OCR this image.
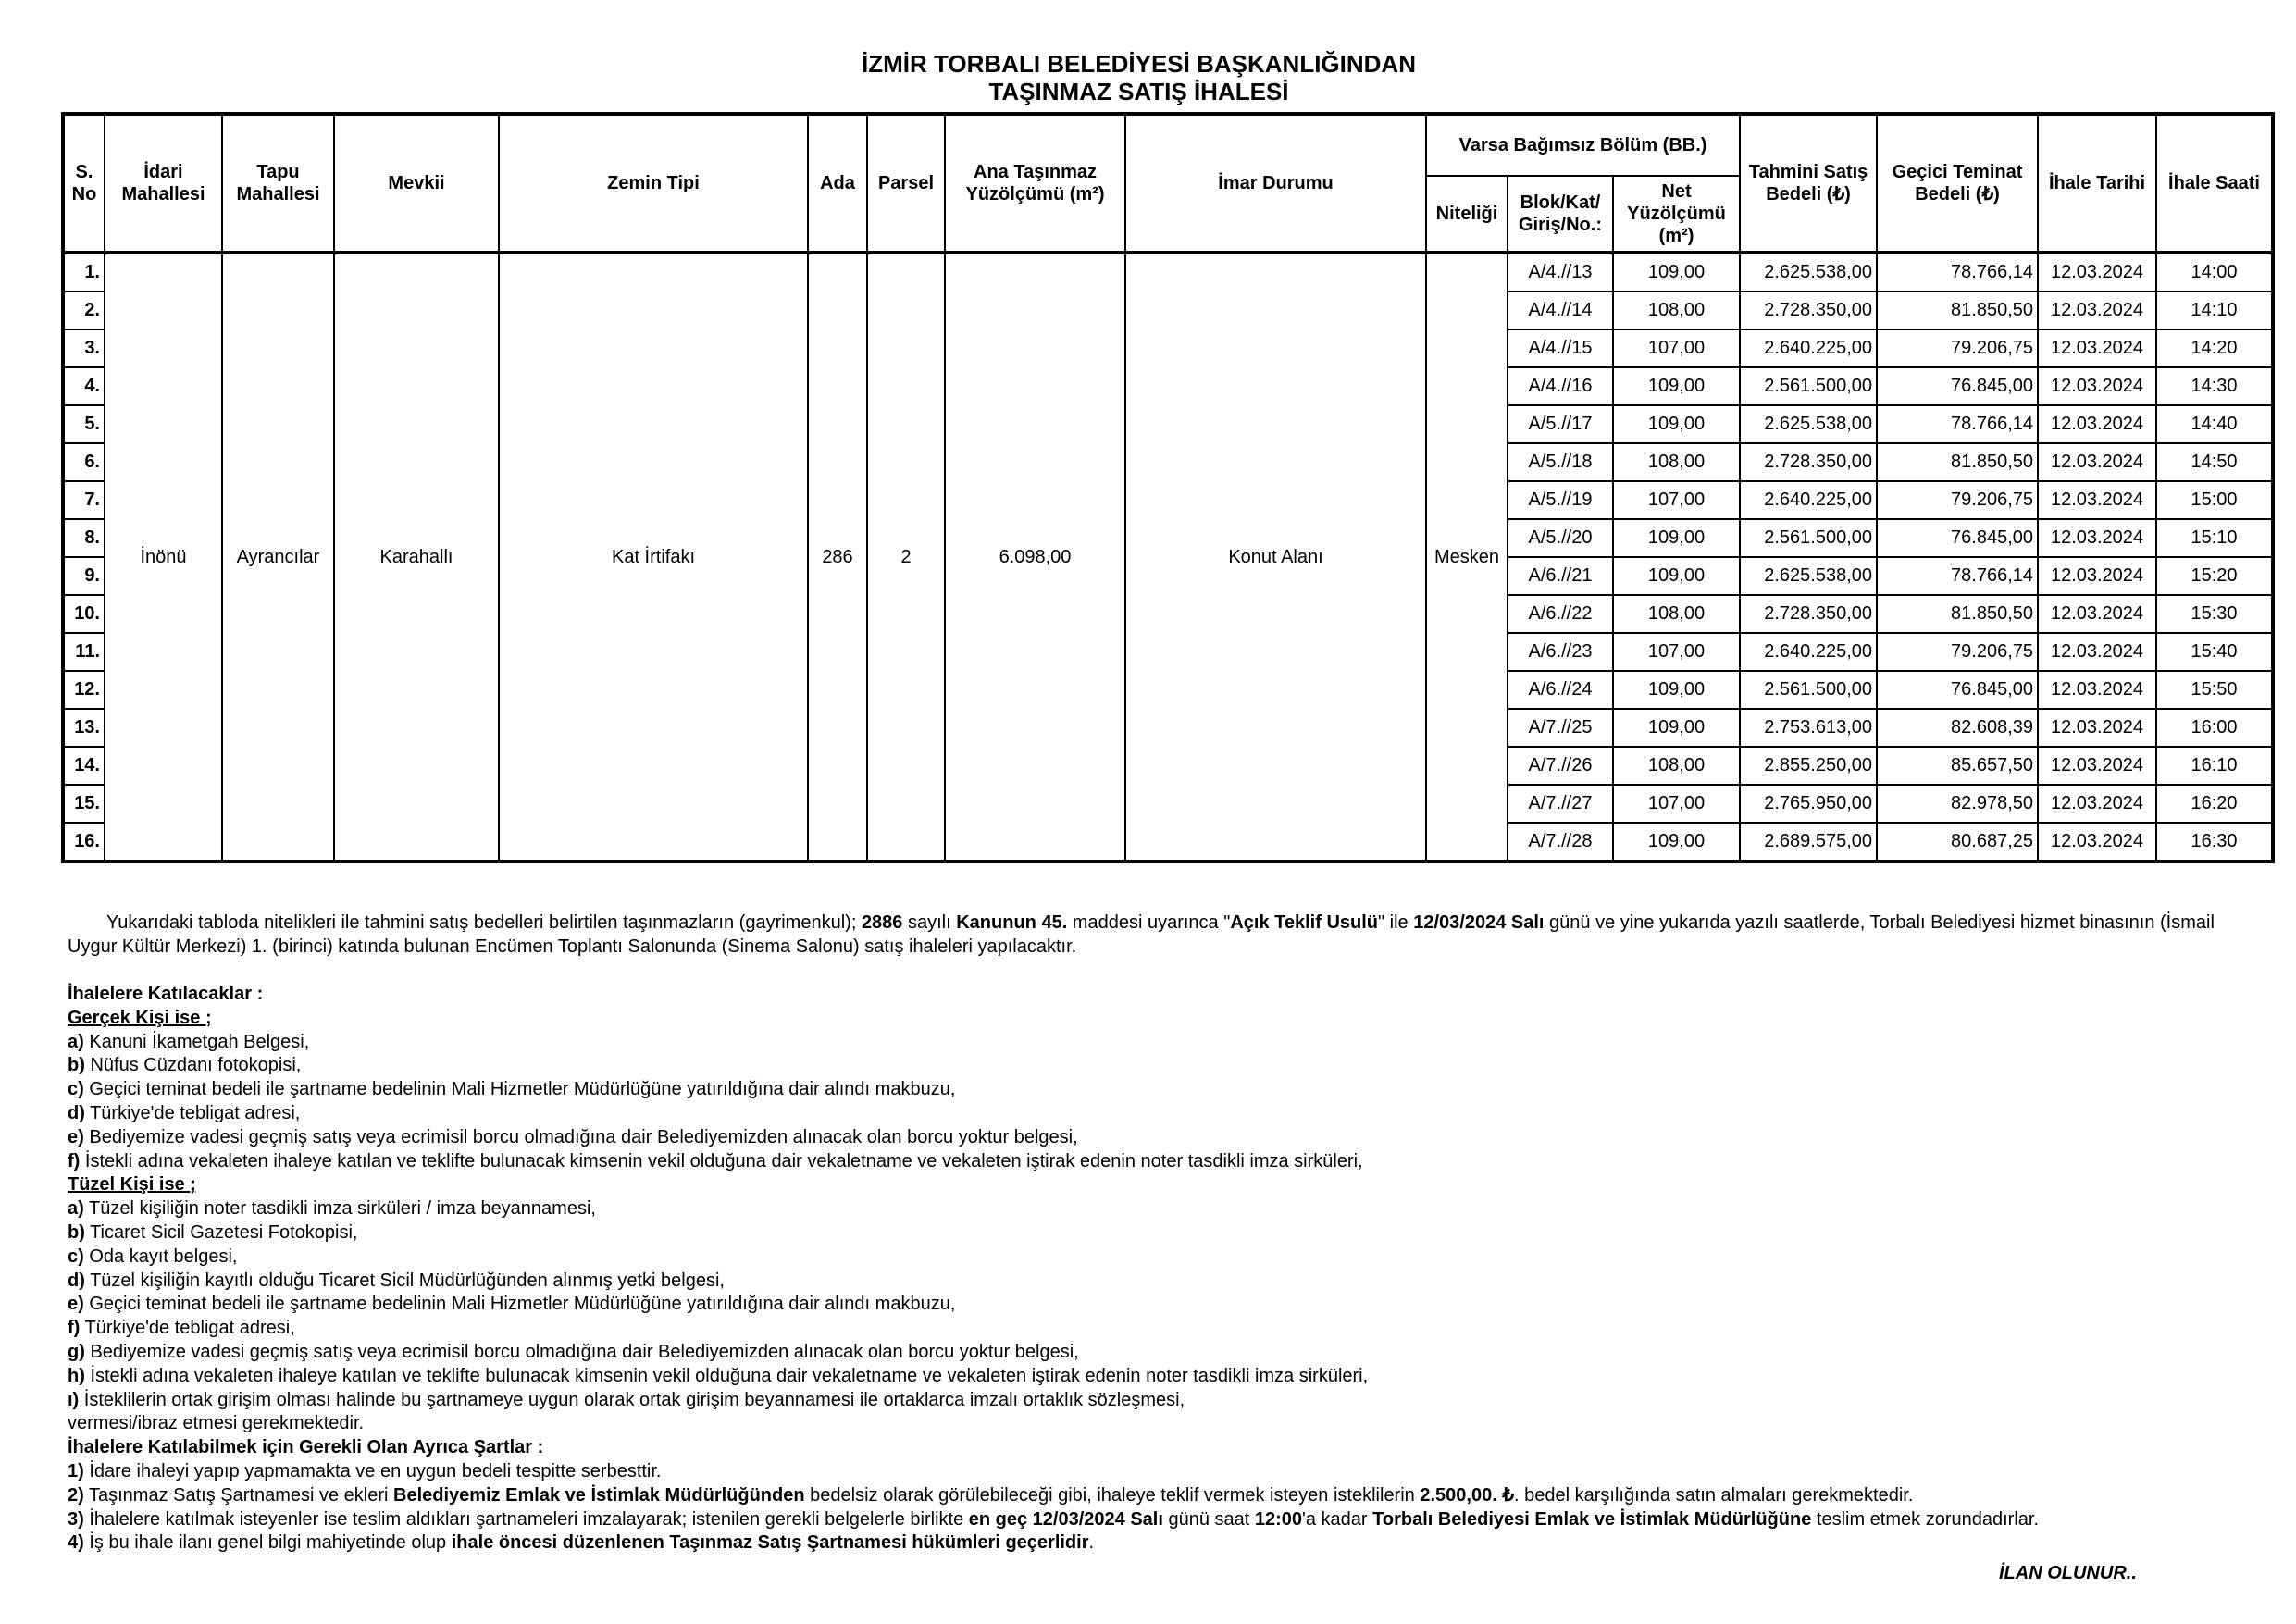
İZMİR TORBALI BELEDİYESİ BAŞKANLIĞINDAN
TAŞINMAZ SATIŞ İHALESİ
S. No	İdari Mahallesi	Tapu Mahallesi	Mevkii	Zemin Tipi	Ada	Parsel	Ana Taşınmaz Yüzölçümü (m²)	İmar Durumu	Varsa Bağımsız Bölüm (BB.)			Tahmini Satış Bedeli (₺)	Geçici Teminat Bedeli (₺)	İhale Tarihi	İhale Saati
									Niteliği	Blok/Kat/ Giriş/No.:	Net Yüzölçümü (m²)				
1.	İnönü	Ayrancılar	Karahallı	Kat İrtifakı	286	2	6.098,00	Konut Alanı	Mesken	A/4.//13	109,00	2.625.538,00	78.766,14	12.03.2024	14:00
2.										A/4.//14	108,00	2.728.350,00	81.850,50	12.03.2024	14:10
3.										A/4.//15	107,00	2.640.225,00	79.206,75	12.03.2024	14:20
4.										A/4.//16	109,00	2.561.500,00	76.845,00	12.03.2024	14:30
5.										A/5.//17	109,00	2.625.538,00	78.766,14	12.03.2024	14:40
6.										A/5.//18	108,00	2.728.350,00	81.850,50	12.03.2024	14:50
7.										A/5.//19	107,00	2.640.225,00	79.206,75	12.03.2024	15:00
8.										A/5.//20	109,00	2.561.500,00	76.845,00	12.03.2024	15:10
9.										A/6.//21	109,00	2.625.538,00	78.766,14	12.03.2024	15:20
10.										A/6.//22	108,00	2.728.350,00	81.850,50	12.03.2024	15:30
11.										A/6.//23	107,00	2.640.225,00	79.206,75	12.03.2024	15:40
12.										A/6.//24	109,00	2.561.500,00	76.845,00	12.03.2024	15:50
13.										A/7.//25	109,00	2.753.613,00	82.608,39	12.03.2024	16:00
14.										A/7.//26	108,00	2.855.250,00	85.657,50	12.03.2024	16:10
15.										A/7.//27	107,00	2.765.950,00	82.978,50	12.03.2024	16:20
16.										A/7.//28	109,00	2.689.575,00	80.687,25	12.03.2024	16:30
Yukarıdaki tabloda nitelikleri ile tahmini satış bedelleri belirtilen taşınmazların (gayrimenkul); 2886 sayılı Kanunun 45. maddesi uyarınca "Açık Teklif Usulü" ile 12/03/2024 Salı günü ve yine yukarıda yazılı saatlerde, Torbalı Belediyesi hizmet binasının (İsmail Uygur Kültür Merkezi) 1. (birinci) katında bulunan Encümen Toplantı Salonunda (Sinema Salonu) satış ihaleleri yapılacaktır.
İhalelere Katılacaklar :
Gerçek Kişi ise ;
a) Kanuni İkametgah Belgesi,
b) Nüfus Cüzdanı fotokopisi,
c) Geçici teminat bedeli ile şartname bedelinin Mali Hizmetler Müdürlüğüne yatırıldığına dair alındı makbuzu,
d) Türkiye'de tebligat adresi,
e) Bediyemize vadesi geçmiş satış veya ecrimisil borcu olmadığına dair Belediyemizden alınacak olan borcu yoktur belgesi,
f) İstekli adına vekaleten ihaleye katılan ve teklifte bulunacak kimsenin vekil olduğuna dair vekaletname ve vekaleten iştirak edenin noter tasdikli imza sirküleri,
Tüzel Kişi ise ;
a) Tüzel kişiliğin noter tasdikli imza sirküleri / imza beyannamesi,
b) Ticaret Sicil Gazetesi Fotokopisi,
c) Oda kayıt belgesi,
d) Tüzel kişiliğin kayıtlı olduğu Ticaret Sicil Müdürlüğünden alınmış yetki belgesi,
e) Geçici teminat bedeli ile şartname bedelinin Mali Hizmetler Müdürlüğüne yatırıldığına dair alındı makbuzu,
f) Türkiye'de tebligat adresi,
g) Bediyemize vadesi geçmiş satış veya ecrimisil borcu olmadığına dair Belediyemizden alınacak olan borcu yoktur belgesi,
h) İstekli adına vekaleten ihaleye katılan ve teklifte bulunacak kimsenin vekil olduğuna dair vekaletname ve vekaleten iştirak edenin noter tasdikli imza sirküleri,
ı) İsteklilerin ortak girişim olması halinde bu şartnameye uygun olarak ortak girişim beyannamesi ile ortaklarca imzalı ortaklık sözleşmesi,
vermesi/ibraz etmesi gerekmektedir.
İhalelere Katılabilmek için Gerekli Olan Ayrıca Şartlar :
1) İdare ihaleyi yapıp yapmamakta ve en uygun bedeli tespitte serbesttir.
2) Taşınmaz Satış Şartnamesi ve ekleri Belediyemiz Emlak ve İstimlak Müdürlüğünden bedelsiz olarak görülebileceği gibi, ihaleye teklif vermek isteyen isteklilerin 2.500,00. ₺. bedel karşılığında satın almaları gerekmektedir.
3) İhalelere katılmak isteyenler ise teslim aldıkları şartnameleri imzalayarak; istenilen gerekli belgelerle birlikte en geç 12/03/2024 Salı günü saat 12:00'a kadar Torbalı Belediyesi Emlak ve İstimlak Müdürlüğüne teslim etmek zorundadırlar.
4) İş bu ihale ilanı genel bilgi mahiyetinde olup ihale öncesi düzenlenen Taşınmaz Satış Şartnamesi hükümleri geçerlidir.
İLAN OLUNUR..
